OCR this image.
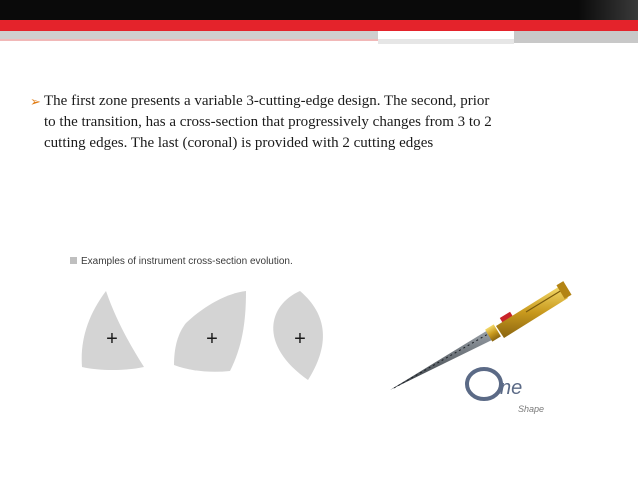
➢ The first zone presents a variable 3-cutting-edge design. The second, prior
to the transition, has a cross-section that progressively changes from 3 to 2
cutting edges. The last (coronal) is provided with 2 cutting edges
Examples of instrument cross-section evolution.
+	+	+
ne
Shape
